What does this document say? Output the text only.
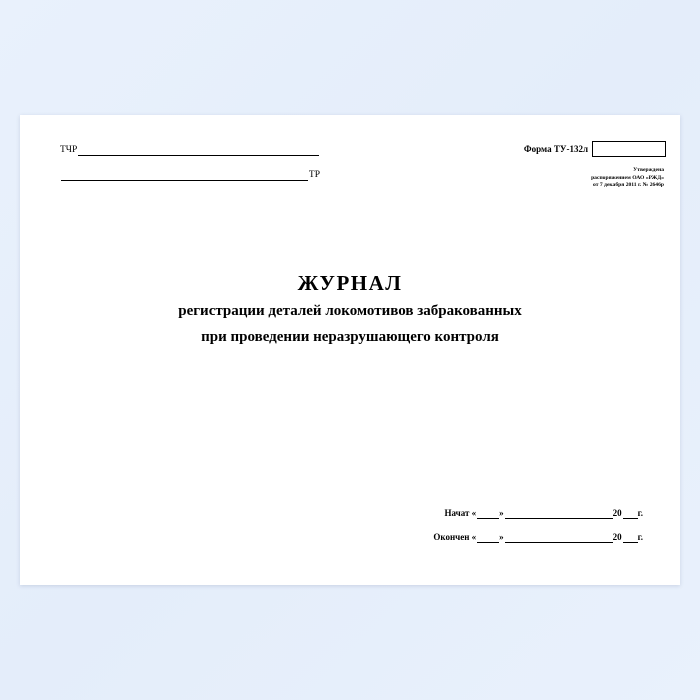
ТЧР
ТР
Форма ТУ-132л
Утверждена
распоряжением ОАО «РЖД»
от 7 декабря 2011 г. № 2646р
ЖУРНАЛ
регистрации деталей локомотивов забракованных
при проведении неразрушающего контроля
Начат «	»	20 г.
Окончен «	»	20 г.
